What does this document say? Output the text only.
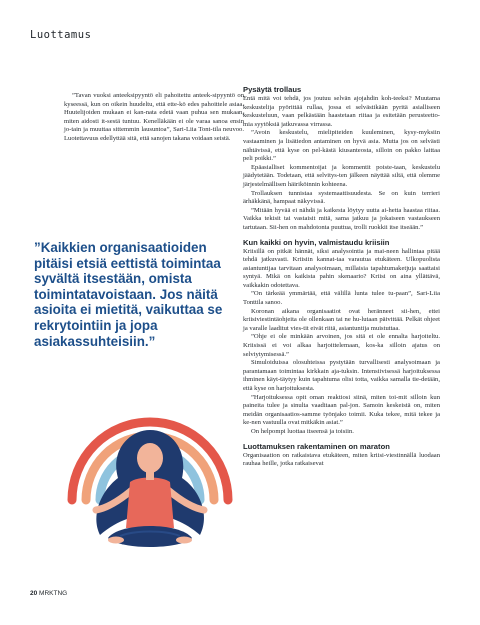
Luottamus

”Tavan vuoksi anteeksipyyntö eli pahoitettu anteek-sipyyntö on kyseessä, kun on oikein huudeltu, että ette-kö edes pahoittele asiaa. Huutelijoiden mukaan ei kan-nata edetä vaan puhua sen mukaan, miten aidosti it-sestä tuntuu. Kenelläkään ei ole varaa sanoa ensin jo-tain ja muuttaa sittemmin lausuntoa”, Sari-Liia Tont-tila neuvoo. Luotettavuus edellyttää sitä, että sanojen takana voidaan seistä.

”Kaikkien organisaatioiden pitäisi etsiä eettistä toimintaa syvältä itsestään, omista toimintatavoistaan. Jos näitä asioita ei mietitä, vaikuttaa se rekrytointiin ja jopa asiakassuhteisiin.”

Pysäytä trollaus

Entä mitä voi tehdä, jos joutuu selvän ajojahdin koh-teeksi? Muutama keskustelija pyörittää rullaa, jossa ei selvästikään pyritä asialliseen keskusteluun, vaan pelkästään haastetaan riitaa ja esitetään perusteetto-mia syytöksiä jatkuvassa virrassa.

”Avoin keskustelu, mielipiteiden kuuleminen, kysy-myksiin vastaaminen ja lisätiedon antaminen on hyvä asia. Mutta jos on selvästi nähtävissä, että kyse on pel-kästä kiusanteosta, silloin on pakko laittaa peli poikki.”

Epäasialliset kommentoijat ja kommentit poiste-taan, keskustelu jäädytetään. Todetaan, että selvitys-ten jälkeen näyttää siltä, että olemme järjestelmällisen häiriköinnin kohteena.

Trollauksen tunnistaa systemaattisuudesta. Se on kuin terrieri ärhäkkänä, hampaat näkyvissä.

”Mitään hyvää ei nähdä ja kaikesta löytyy uutta ai-hetta haastaa riitaa. Vaikka tekisit tai vastaisit mitä, sama jatkuu ja jokaiseen vastaukseen tartutaan. Sii-hen on mahdotonta puuttua, trolli ruokkii itse itseään.”

Kun kaikki on hyvin, valmistaudu kriisiin

Kriisillä on pitkät hännät, siksi analysointia ja mai-neen hallintaa pitää tehdä jatkuvasti. Kriisiin kannat-taa varautua etukäteen. Ulkopuolista asiantuntijaa tarvitaan analysoimaan, millaisia tapahtumaketjuja saattaisi syntyä. Mikä on kaikista pahin skenaario? Kriisi on aina yllättävä, vaikkakin odotettava.

”On tärkeää ymmärtää, että välillä lunta tulee tu-paan”, Sari-Liia Tonttila sanoo.

Koronan aikana organisaatiot ovat heränneet sii-hen, ettei kriisiviestintäohjeita ole ollenkaan tai ne hu-lutaan päivittää. Pelkät ohjeet ja varalle laaditut vies-tit eivät riitä, asiantuntija muistuttaa.

”Ohje ei ole minkään arvoinen, jos sitä ei ole ennalta harjoiteltu. Kriisissä ei voi alkaa harjoittelemaan, kos-ka silloin ajatus on selviytymisessä.”

Simuloiduissa olosuhteissa pystytään turvallisesti analysoimaan ja parantamaan toimintaa kirkkain aja-tuksin. Intensiivisessä harjoituksessa ihminen käyt-täytyy kuin tapahtuma olisi totta, vaikka samalla tie-detään, että kyse on harjoituksesta.

”Harjoituksessa opit oman reaktiosi siinä, miten toi-mit silloin kun paineita tulee ja sinulta vaaditaan pal-jon. Samoin keskeistä on, miten meidän organisaatios-samme työnjako toimii. Kuka tekee, mitä tekee ja ke-nen vastuulla ovat mitkäkin asiat.”

On helpompi luottaa itseensä ja toisiin.

Luottamuksen rakentaminen on maraton

Organisaation on ratkaistava etukäteen, miten kriisi-viestinnällä luodaan rauhaa heille, jotka ratkaisevat

20 MRKTNG
